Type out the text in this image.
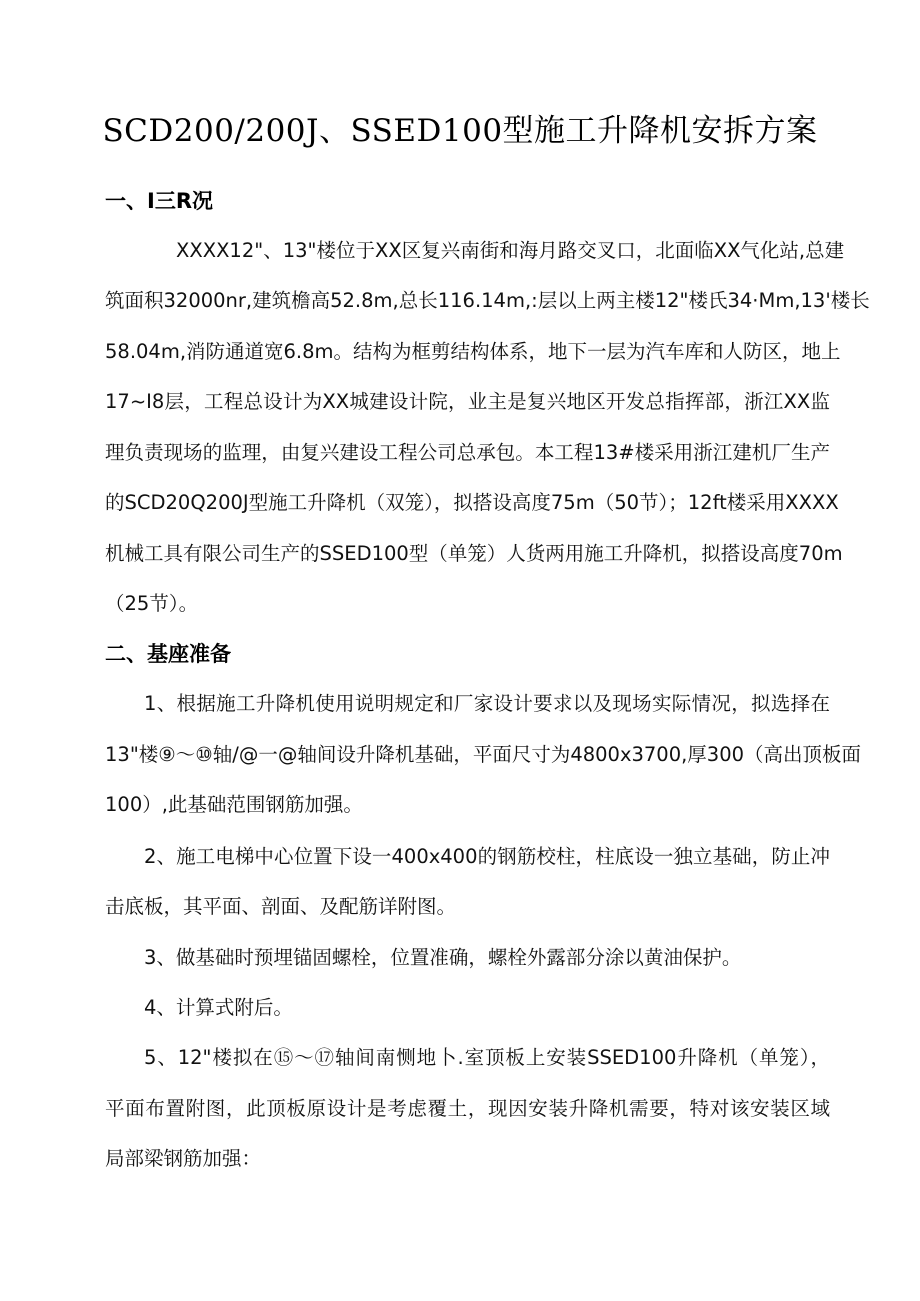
SCD200/200J、SSED100型施工升降机安拆方案
一、I三R况
XXXX12"、13"楼位于XX区复兴南街和海月路交叉口，北面临XX气化站,总建
筑面积32000nr,建筑檐高52.8m,总长116.14m,:层以上两主楼12"楼氏34·Mm,13'楼长
58.04m,消防通道宽6.8m。结构为框剪结构体系，地下一层为汽车库和人防区，地上
17~I8层，工程总设计为XX城建设计院，业主是复兴地区开发总指挥部，浙江XX监
理负责现场的监理，由复兴建设工程公司总承包。本工程13#楼采用浙江建机厂生产
的SCD20Q200J型施工升降机（双笼），拟搭设高度75m（50节）；12ft楼采用XXXX
机械工具有限公司生产的SSED100型（单笼）人货两用施工升降机，拟搭设高度70m
（25节）。
二、基座准备
1、根据施工升降机使用说明规定和厂家设计要求以及现场实际情况，拟选择在
13"楼⑨～⑩轴/@一@轴间设升降机基础，平面尺寸为4800x3700,厚300（高出顶板面
100）,此基础范围钢筋加强。
2、施工电梯中心位置下设一400x400的钢筋校柱，柱底设一独立基础，防止冲
击底板，其平面、剖面、及配筋详附图。
3、做基础时预埋锚固螺栓，位置准确，螺栓外露部分涂以黄油保护。
4、计算式附后。
5、12"楼拟在⑮～⑰轴间南恻地卜.室顶板上安装SSED100升降机（单笼），
平面布置附图，此顶板原设计是考虑覆土，现因安装升降机需要，特对该安装区域
局部梁钢筋加强：
